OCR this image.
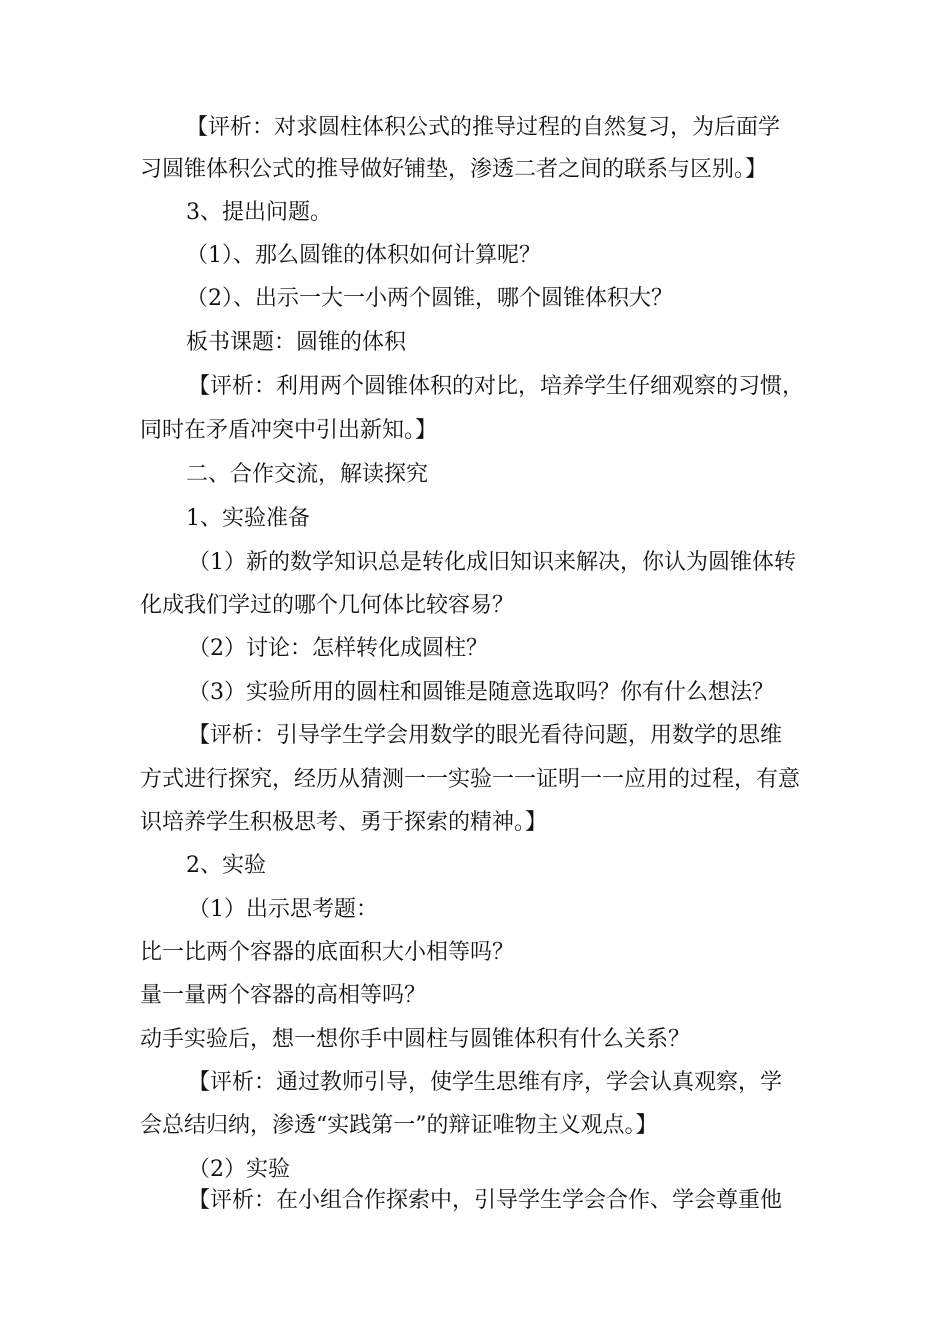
【评析：对求圆柱体积公式的推导过程的自然复习，为后面学
习圆锥体积公式的推导做好铺垫，渗透二者之间的联系与区别。】
3、提出问题。
（1）、那么圆锥的体积如何计算呢？
（2）、出示一大一小两个圆锥，哪个圆锥体积大？
板书课题：圆锥的体积
【评析：利用两个圆锥体积的对比，培养学生仔细观察的习惯，
同时在矛盾冲突中引出新知。】
二、合作交流，解读探究
1、实验准备
（1）新的数学知识总是转化成旧知识来解决，你认为圆锥体转
化成我们学过的哪个几何体比较容易？
（2）讨论：怎样转化成圆柱？
（3）实验所用的圆柱和圆锥是随意选取吗？你有什么想法？
【评析：引导学生学会用数学的眼光看待问题，用数学的思维
方式进行探究，经历从猜测一一实验一一证明一一应用的过程，有意
识培养学生积极思考、勇于探索的精神。】
2、实验
（1）出示思考题：
比一比两个容器的底面积大小相等吗？
量一量两个容器的高相等吗？
动手实验后，想一想你手中圆柱与圆锥体积有什么关系？
【评析：通过教师引导，使学生思维有序，学会认真观察，学
会总结归纳，渗透“实践第一”的辩证唯物主义观点。】
（2）实验
【评析：在小组合作探索中，引导学生学会合作、学会尊重他
